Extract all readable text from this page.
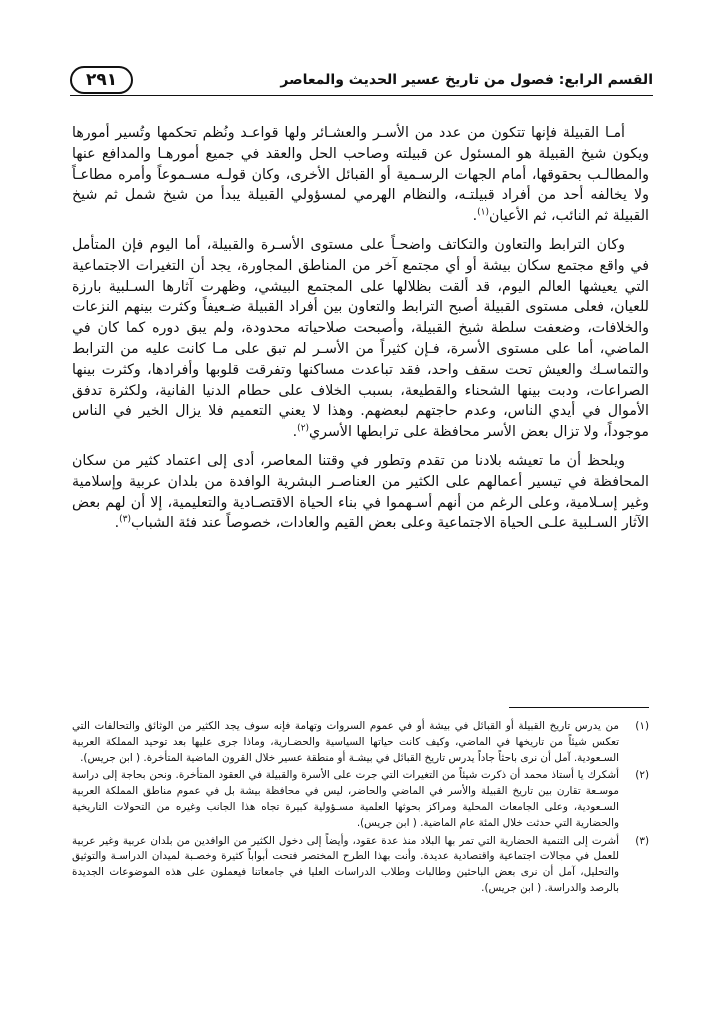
القسم الرابع: فصول من تاريخ عسير الحديث والمعاصر
٢٩١

أمـا القبيلة فإنها تتكون من عدد من الأسـر والعشـائر ولها قواعـد ونُظم تحكمها وتُسير أمورها ويكون شيخ القبيلة هو المسئول عن قبيلته وصاحب الحل والعقد في جميع أمورهـا والمدافع عنها والمطالـب بحقوقها، أمام الجهات الرسـمية أو القبائل الأخرى، وكان قولـه مسـموعاً وأمره مطاعـاً ولا يخالفه أحد من أفراد قبيلتـه، والنظام الهرمي لمسؤولي القبيلة يبدأ من شيخ شمل ثم شيخ القبيلة ثم النائب، ثم الأعيان$^{(١)}$.

وكان الترابط والتعاون والتكاتف واضحـاً على مستوى الأسـرة والقبيلة، أما اليوم فإن المتأمل في واقع مجتمع سكان بيشة أو أي مجتمع آخر من المناطق المجاورة، يجد أن التغيرات الاجتماعية التي يعيشها العالم اليوم، قد ألقت بظلالها على المجتمع البيشي، وظهرت آثارها السـلبية بارزة للعيان، فعلى مستوى القبيلة أصبح الترابط والتعاون بين أفراد القبيلة ضـعيفاً وكثرت بينهم النزعات والخلافات، وضعفت سلطة شيخ القبيلة، وأصبحت صلاحياته محدودة، ولم يبق دوره كما كان في الماضي، أما على مستوى الأسرة، فـإن كثيراً من الأسـر لم تبق على مـا كانت عليه من الترابط والتماسـك والعيش تحت سقف واحد، فقد تباعدت مساكنها وتفرقت قلوبها وأفرادها، وكثرت بينها الصراعات، ودبت بينها الشحناء والقطيعة، بسبب الخلاف على حطام الدنيا الفانية، ولكثرة تدفق الأموال في أيدي الناس، وعدم حاجتهم لبعضهم. وهذا لا يعني التعميم فلا يزال الخير في الناس موجوداً، ولا تزال بعض الأسر محافظة على ترابطها الأسري$^{(٢)}$.

ويلحظ أن ما تعيشه بلادنا من تقدم وتطور في وقتنا المعاصر، أدى إلى اعتماد كثير من سكان المحافظة في تيسير أعمالهم على الكثير من العناصـر البشرية الوافدة من بلدان عربية وإسلامية وغير إسـلامية، وعلى الرغم من أنهم أسـهموا في بناء الحياة الاقتصـادية والتعليمية، إلا أن لهم بعض الآثار السـلبية علـى الحياة الاجتماعية وعلى بعض القيم والعادات، خصوصاً عند فئة الشباب$^{(٣)}$.

(١)
من يدرس تاريخ القبيلة أو القبائل في بيشة أو في عموم السروات وتهامة فإنه سوف يجد الكثير من الوثائق والتحالفات التي تعكس شيئاً من تاريخها في الماضي، وكيف كانت حياتها السياسية والحضـارية، وماذا جرى عليها بعد توحيد المملكة العربية السـعودية. آمل أن نرى باحثاً جاداً يدرس تاريخ القبائل في بيشـة أو منطقة عسير خلال القرون الماضية المتأخرة. ( ابن جريس).
(٢)
أشكرك يا أستاذ محمد أن ذكرت شيئاً من التغيرات التي جرت على الأسرة والقبيلة في العقود المتأخرة. ونحن بحاجة إلى دراسة موسـعة تقارن بين تاريخ القبيلة والأسر في الماضي والحاضر، ليس في محافظة بيشة بل في عموم مناطق المملكة العربية السـعودية، وعلى الجامعات المحلية ومراكز بحوثها العلمية مسـؤولية كبيرة تجاه هذا الجانب وغيره من التحولات التاريخية والحضارية التي حدثت خلال المئة عام الماضية. ( ابن جريس).
(٣)
أشرت إلى التنمية الحضارية التي تمر بها البلاد منذ عدة عقود، وأيضاً إلى دخول الكثير من الوافدين من بلدان عربية وغير عربية للعمل في مجالات اجتماعية واقتصادية عديدة. وأنت بهذا الطرح المختصر فتحت أبواباً كثيرة وخصـبة لميدان الدراسـة والتوثيق والتحليل، آمل أن نرى بعض الباحثين وطالبات وطلاب الدراسات العليا في جامعاتنا فيعملون على هذه الموضوعات الجديدة بالرصد والدراسة. ( ابن جريس).
